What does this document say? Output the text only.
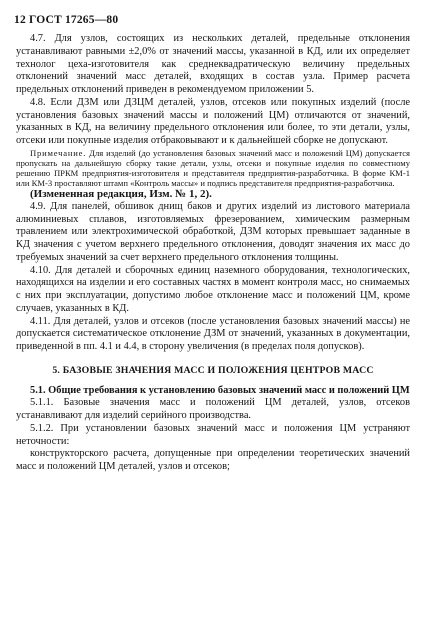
12 ГОСТ 17265—80

4.7. Для узлов, состоящих из нескольких деталей, предельные отклонения устанавливают равными ±2,0% от значений массы, указанной в КД, или их определяет технолог цеха-изготовителя как среднеквадратическую величину предельных отклонений значений масс деталей, входящих в состав узла. Пример расчета предельных отклонений приведен в рекомендуемом приложении 5.

4.8. Если ДЗМ или ДЗЦМ деталей, узлов, отсеков или покупных изделий (после установления базовых значений массы и положений ЦМ) отличаются от значений, указанных в КД, на величину предельного отклонения или более, то эти детали, узлы, отсеки или покупные изделия отбраковывают и к дальнейшей сборке не допускают.

Примечание. Для изделий (до установления базовых значений масс и положений ЦМ) допускается пропускать на дальнейшую сборку такие детали, узлы, отсеки и покупные изделия по совместному решению ПРКМ предприятия-изготовителя и представителя предприятия-разработчика. В форме КМ-1 или КМ-3 проставляют штамп «Контроль массы» и подпись представителя предприятия-разработчика.

(Измененная редакция, Изм. № 1, 2).

4.9. Для панелей, обшивок днищ баков и других изделий из листового материала алюминиевых сплавов, изготовляемых фрезерованием, химическим размерным травлением или электрохимической обработкой, ДЗМ которых превышает заданные в КД значения с учетом верхнего предельного отклонения, доводят значения их масс до требуемых значений за счет верхнего предельного отклонения толщины.

4.10. Для деталей и сборочных единиц наземного оборудования, технологических, находящихся на изделии и его составных частях в момент контроля масс, но снимаемых с них при эксплуатации, допустимо любое отклонение масс и положений ЦМ, кроме случаев, указанных в КД.

4.11. Для деталей, узлов и отсеков (после установления базовых значений массы) не допускается систематическое отклонение ДЗМ от значений, указанных в документации, приведенной в пп. 4.1 и 4.4, в сторону увеличения (в пределах поля допусков).

5. БАЗОВЫЕ ЗНАЧЕНИЯ МАСС И ПОЛОЖЕНИЯ ЦЕНТРОВ МАСС

5.1. Общие требования к установлению базовых значений масс и положений ЦМ

5.1.1. Базовые значения масс и положений ЦМ деталей, узлов, отсеков устанавливают для изделий серийного производства.

5.1.2. При установлении базовых значений масс и положения ЦМ устраняют неточности:

конструкторского расчета, допущенные при определении теоретических значений масс и положений ЦМ деталей, узлов и отсеков;
